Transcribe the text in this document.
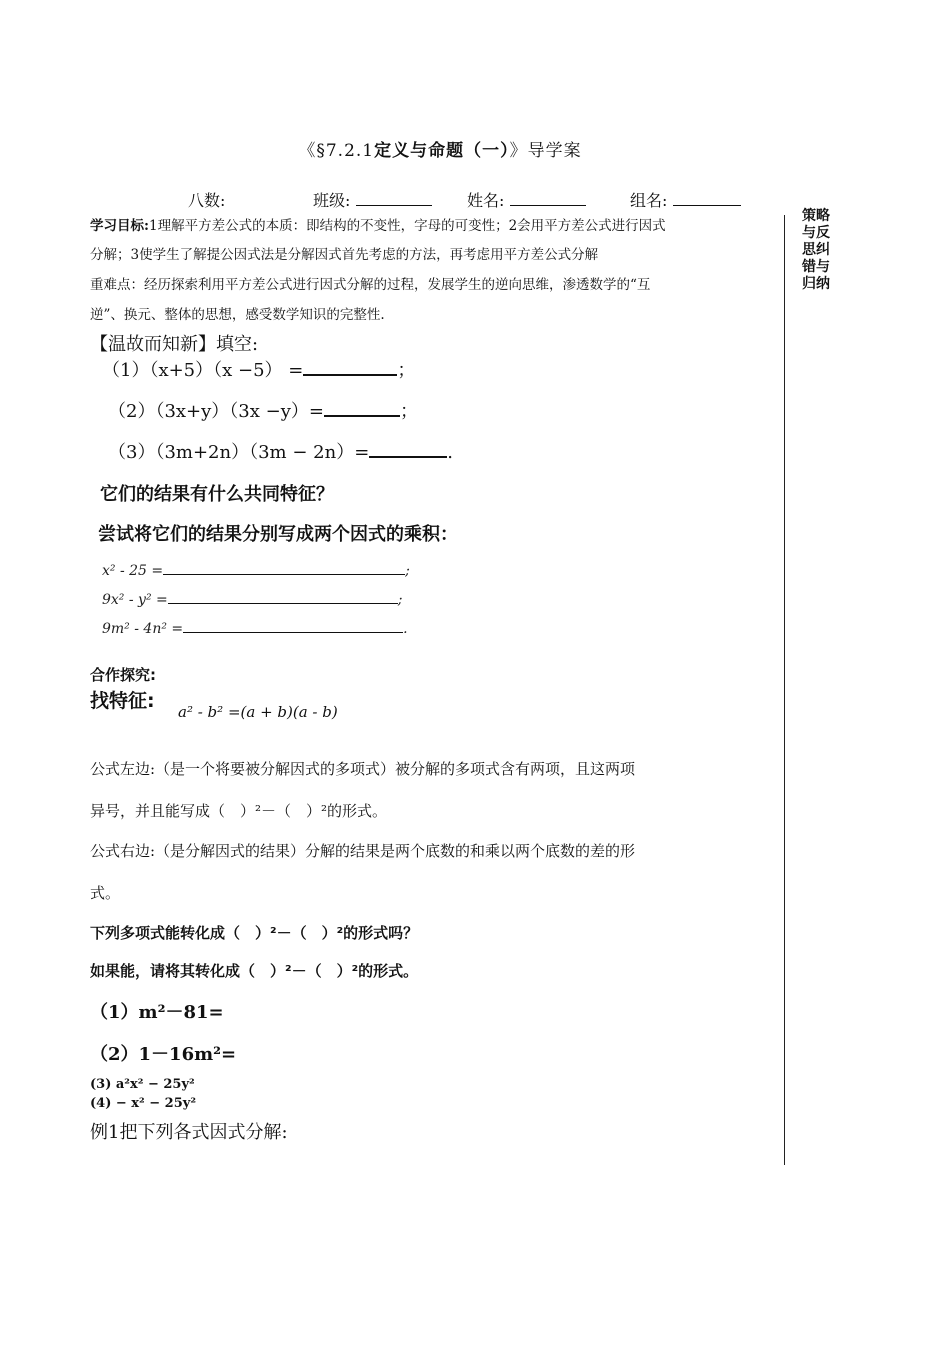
《§7.2.1定义与命题（一）》导学案
八数:	班级:	姓名:	组名:
学习目标:1理解平方差公式的本质：即结构的不变性，字母的可变性；2会用平方差公式进行因式
分解；3使学生了解提公因式法是分解因式首先考虑的方法，再考虑用平方差公式分解
重难点：经历探索利用平方差公式进行因式分解的过程，发展学生的逆向思维，渗透数学的“互
逆”、换元、整体的思想，感受数学知识的完整性.
策略与反思纠错与归纳
【温故而知新】填空:
（1）（x+5）（x −5） =	；
（2）（3x+y）（3x −y）=	；
（3）（3m+2n）（3m − 2n）=	.
它们的结果有什么共同特征？
尝试将它们的结果分别写成两个因式的乘积：
x² - 25 =	;
9x² - y² =	;
9m² - 4n² =	.
合作探究:
找特征: a² - b² =(a + b)(a - b)
公式左边:（是一个将要被分解因式的多项式）被分解的多项式含有两项，且这两项
异号，并且能写成（　）²－（　）²的形式。
公式右边:（是分解因式的结果）分解的结果是两个底数的和乘以两个底数的差的形
式。
下列多项式能转化成（　）²－（　）²的形式吗？
如果能，请将其转化成（　）²－（　）²的形式。
（1）m²－81=
（2）1－16m²=
(3) a²x² − 25y²
(4) − x² − 25y²
例1把下列各式因式分解:
